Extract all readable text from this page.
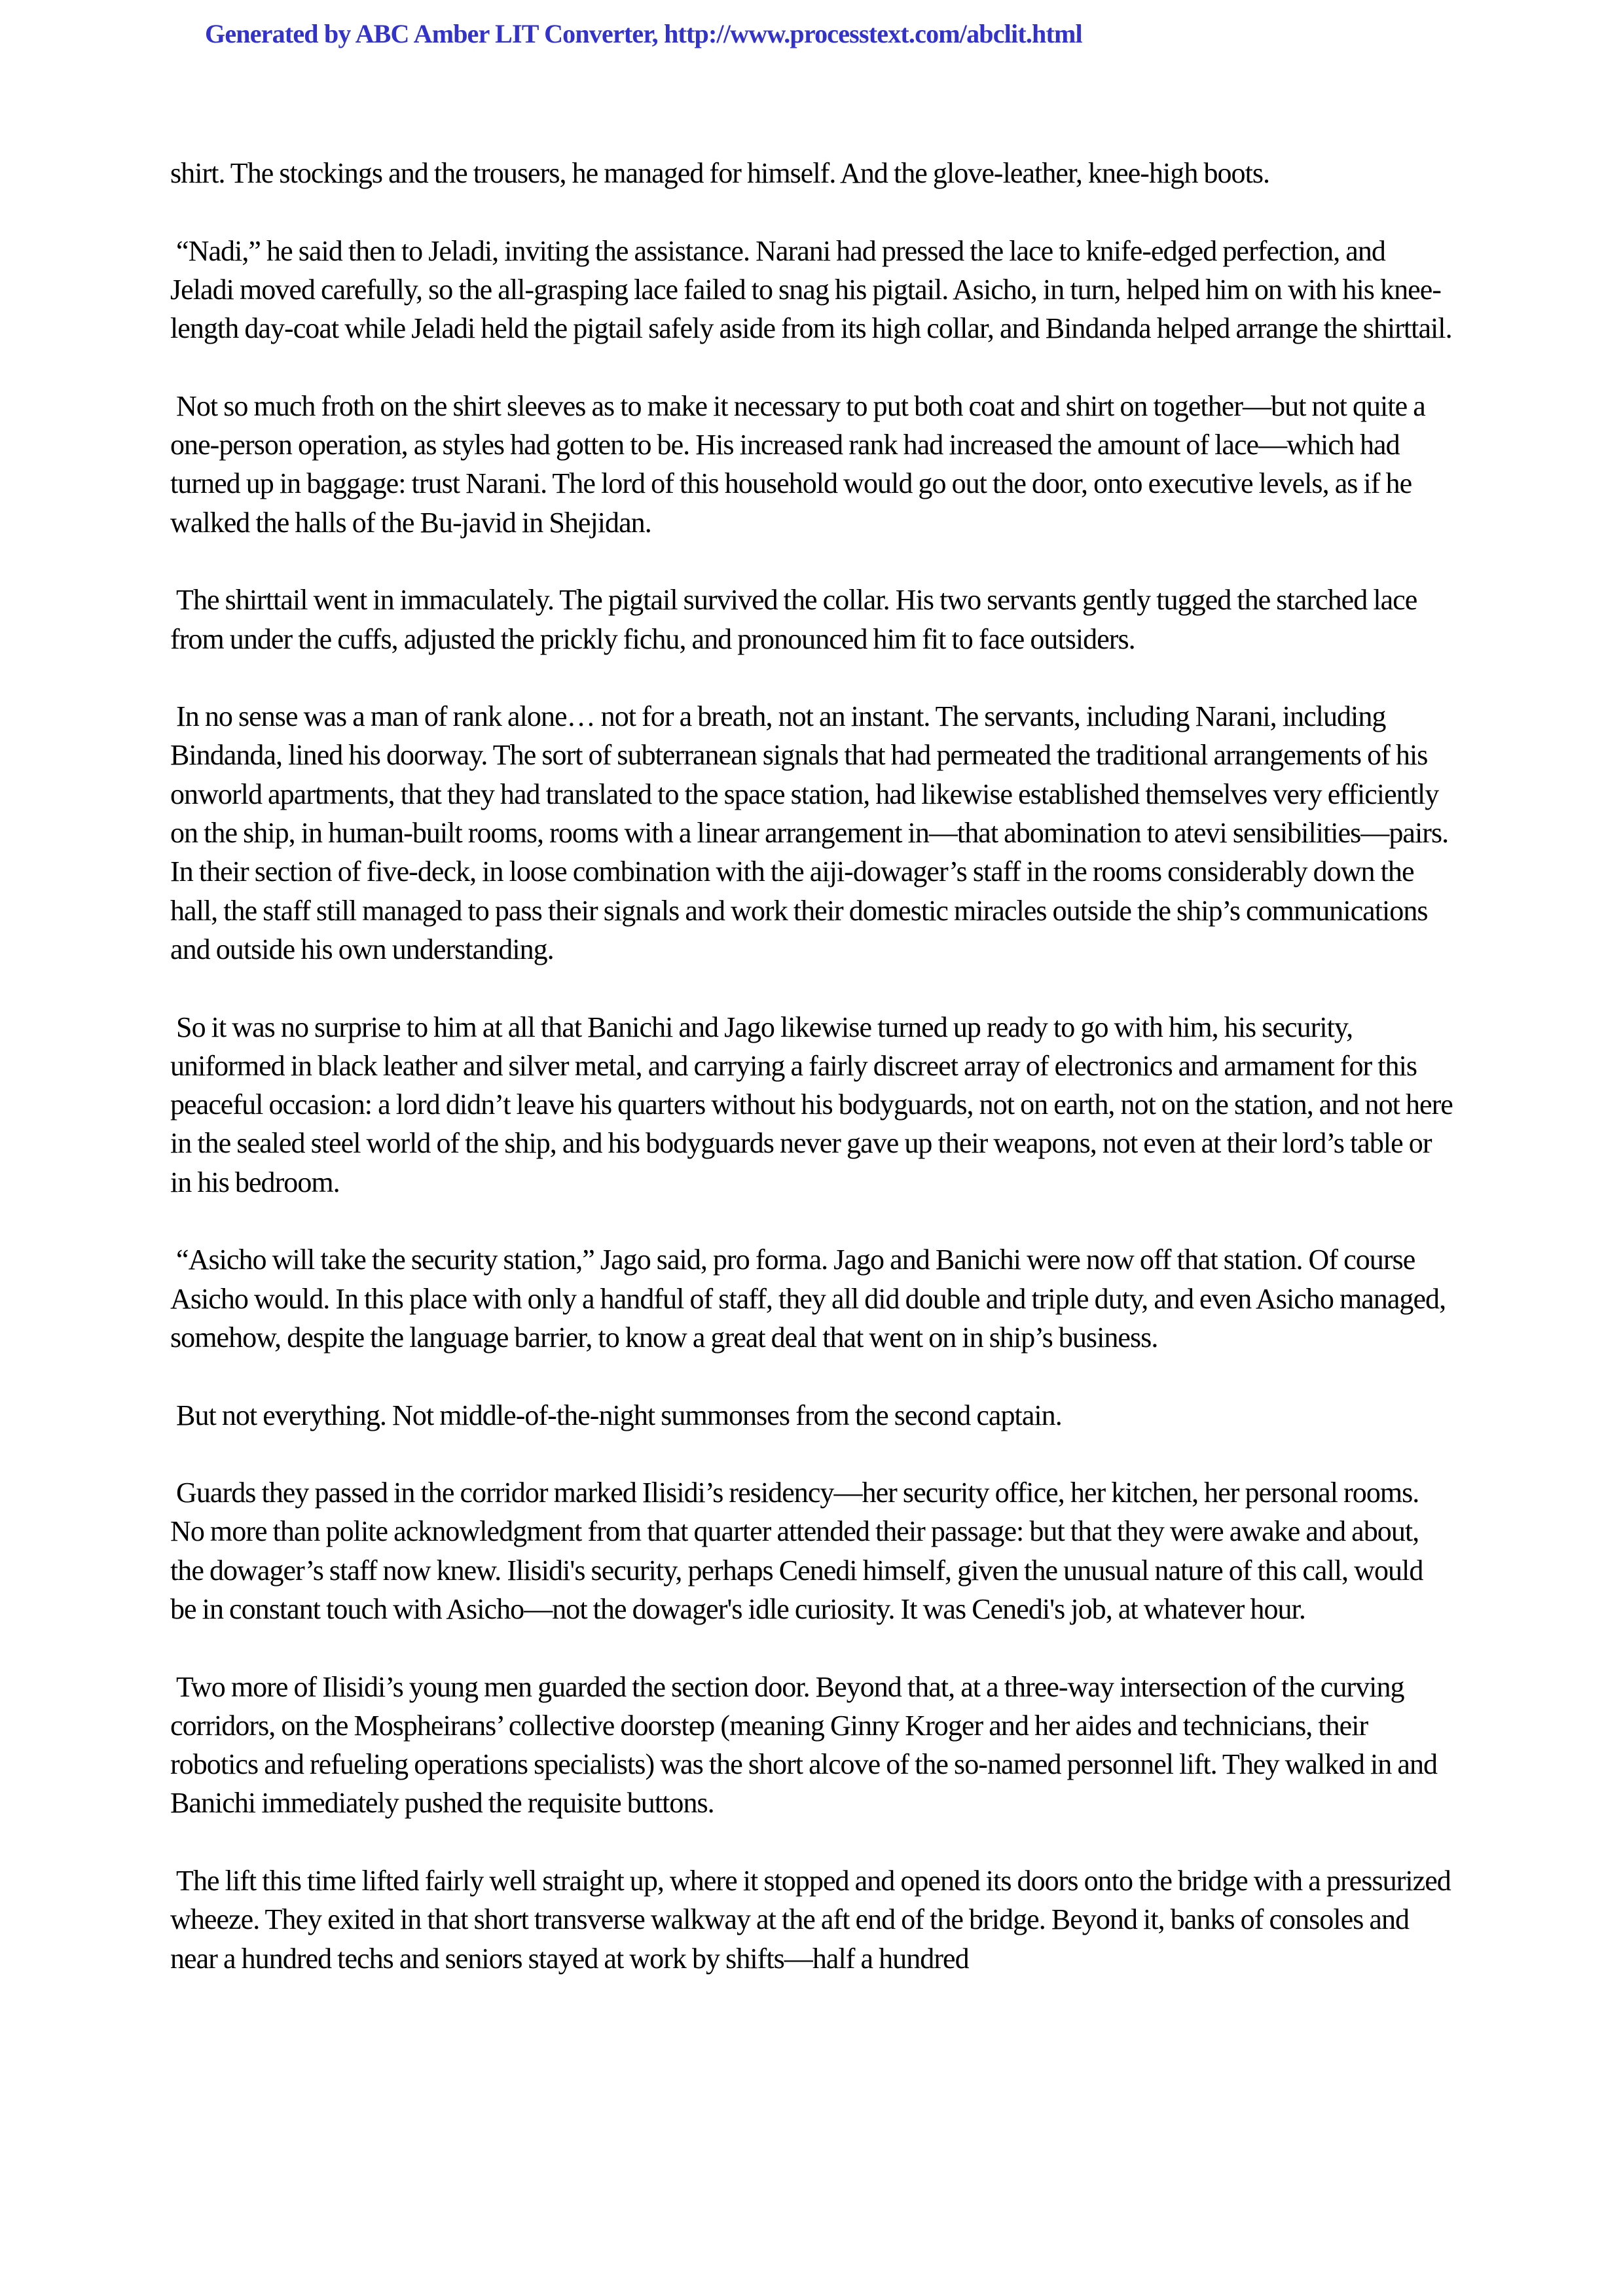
Generated by ABC Amber LIT Converter, http://www.processtext.com/abclit.html

shirt. The stockings and the trousers, he managed for himself. And the glove-leather, knee-high boots.

“Nadi,” he said then to Jeladi, inviting the assistance. Narani had pressed the lace to knife-edged perfection, and Jeladi moved carefully, so the all-grasping lace failed to snag his pigtail. Asicho, in turn, helped him on with his knee-length day-coat while Jeladi held the pigtail safely aside from its high collar, and Bindanda helped arrange the shirttail.

Not so much froth on the shirt sleeves as to make it necessary to put both coat and shirt on together—but not quite a one-person operation, as styles had gotten to be. His increased rank had increased the amount of lace—which had turned up in baggage: trust Narani. The lord of this household would go out the door, onto executive levels, as if he walked the halls of the Bu-javid in Shejidan.

The shirttail went in immaculately. The pigtail survived the collar. His two servants gently tugged the starched lace from under the cuffs, adjusted the prickly fichu, and pronounced him fit to face outsiders.

In no sense was a man of rank alone… not for a breath, not an instant. The servants, including Narani, including Bindanda, lined his doorway. The sort of subterranean signals that had permeated the traditional arrangements of his onworld apartments, that they had translated to the space station, had likewise established themselves very efficiently on the ship, in human-built rooms, rooms with a linear arrangement in—that abomination to atevi sensibilities—pairs. In their section of five-deck, in loose combination with the aiji-dowager’s staff in the rooms considerably down the hall, the staff still managed to pass their signals and work their domestic miracles outside the ship’s communications and outside his own understanding.

So it was no surprise to him at all that Banichi and Jago likewise turned up ready to go with him, his security, uniformed in black leather and silver metal, and carrying a fairly discreet array of electronics and armament for this peaceful occasion: a lord didn’t leave his quarters without his bodyguards, not on earth, not on the station, and not here in the sealed steel world of the ship, and his bodyguards never gave up their weapons, not even at their lord’s table or in his bedroom.

“Asicho will take the security station,” Jago said, pro forma. Jago and Banichi were now off that station. Of course Asicho would. In this place with only a handful of staff, they all did double and triple duty, and even Asicho managed, somehow, despite the language barrier, to know a great deal that went on in ship’s business.

But not everything. Not middle-of-the-night summonses from the second captain.

Guards they passed in the corridor marked Ilisidi’s residency—her security office, her kitchen, her personal rooms. No more than polite acknowledgment from that quarter attended their passage: but that they were awake and about, the dowager’s staff now knew. Ilisidi's security, perhaps Cenedi himself, given the unusual nature of this call, would be in constant touch with Asicho—not the dowager's idle curiosity. It was Cenedi's job, at whatever hour.

Two more of Ilisidi’s young men guarded the section door. Beyond that, at a three-way intersection of the curving corridors, on the Mospheirans’ collective doorstep (meaning Ginny Kroger and her aides and technicians, their robotics and refueling operations specialists) was the short alcove of the so-named personnel lift. They walked in and Banichi immediately pushed the requisite buttons.

The lift this time lifted fairly well straight up, where it stopped and opened its doors onto the bridge with a pressurized wheeze. They exited in that short transverse walkway at the aft end of the bridge. Beyond it, banks of consoles and near a hundred techs and seniors stayed at work by shifts—half a hundred
